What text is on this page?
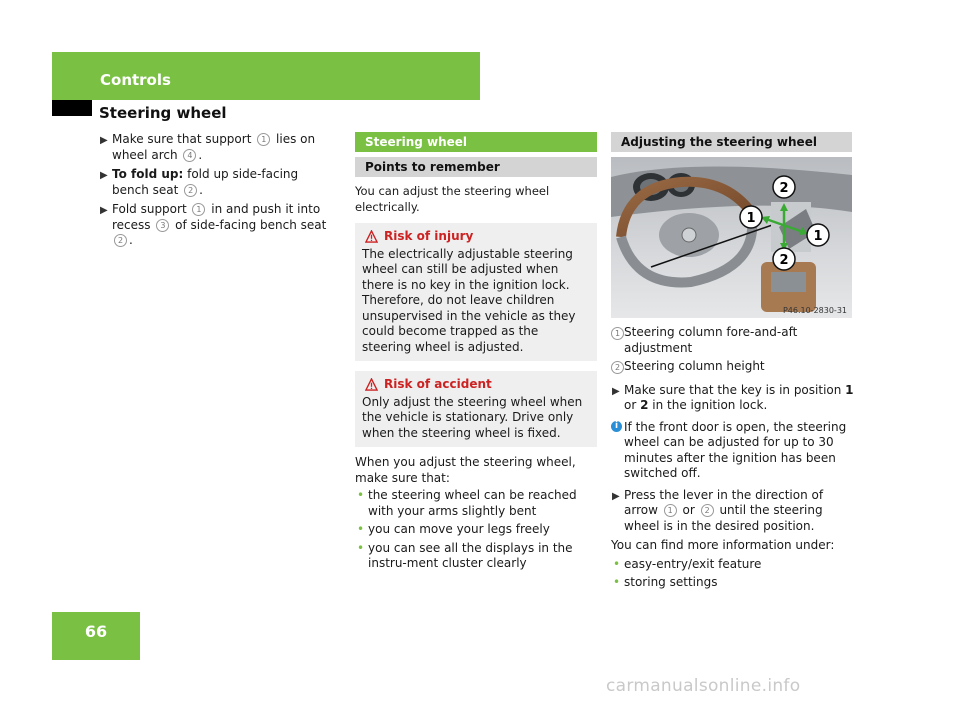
Controls
Steering wheel
▶ Make sure that support 1 lies on wheel arch 4 .
▶ To fold up: fold up side-facing bench seat 2 .
▶ Fold support 1 in and push it into recess 3 of side-facing bench seat 2 .
Steering wheel
Points to remember
You can adjust the steering wheel electrically.
Risk of injury
The electrically adjustable steering wheel can still be adjusted when there is no key in the ignition lock. Therefore, do not leave children unsupervised in the vehicle as they could become trapped as the steering wheel is adjusted.
Risk of accident
Only adjust the steering wheel when the vehicle is stationary. Drive only when the steering wheel is fixed.
When you adjust the steering wheel, make sure that:
• the steering wheel can be reached with your arms slightly bent
• you can move your legs freely
• you can see all the displays in the instru-ment cluster clearly
Adjusting the steering wheel
2
1
1
2
P46.10-2830-31
1 Steering column fore-and-aft adjustment
2 Steering column height
▶ Make sure that the key is in position 1 or 2 in the ignition lock.
i If the front door is open, the steering wheel can be adjusted for up to 30 minutes after the ignition has been switched off.
▶ Press the lever in the direction of arrow 1 or 2 until the steering wheel is in the desired position.
You can find more information under:
• easy-entry/exit feature
• storing settings
66
carmanualsonline.info
